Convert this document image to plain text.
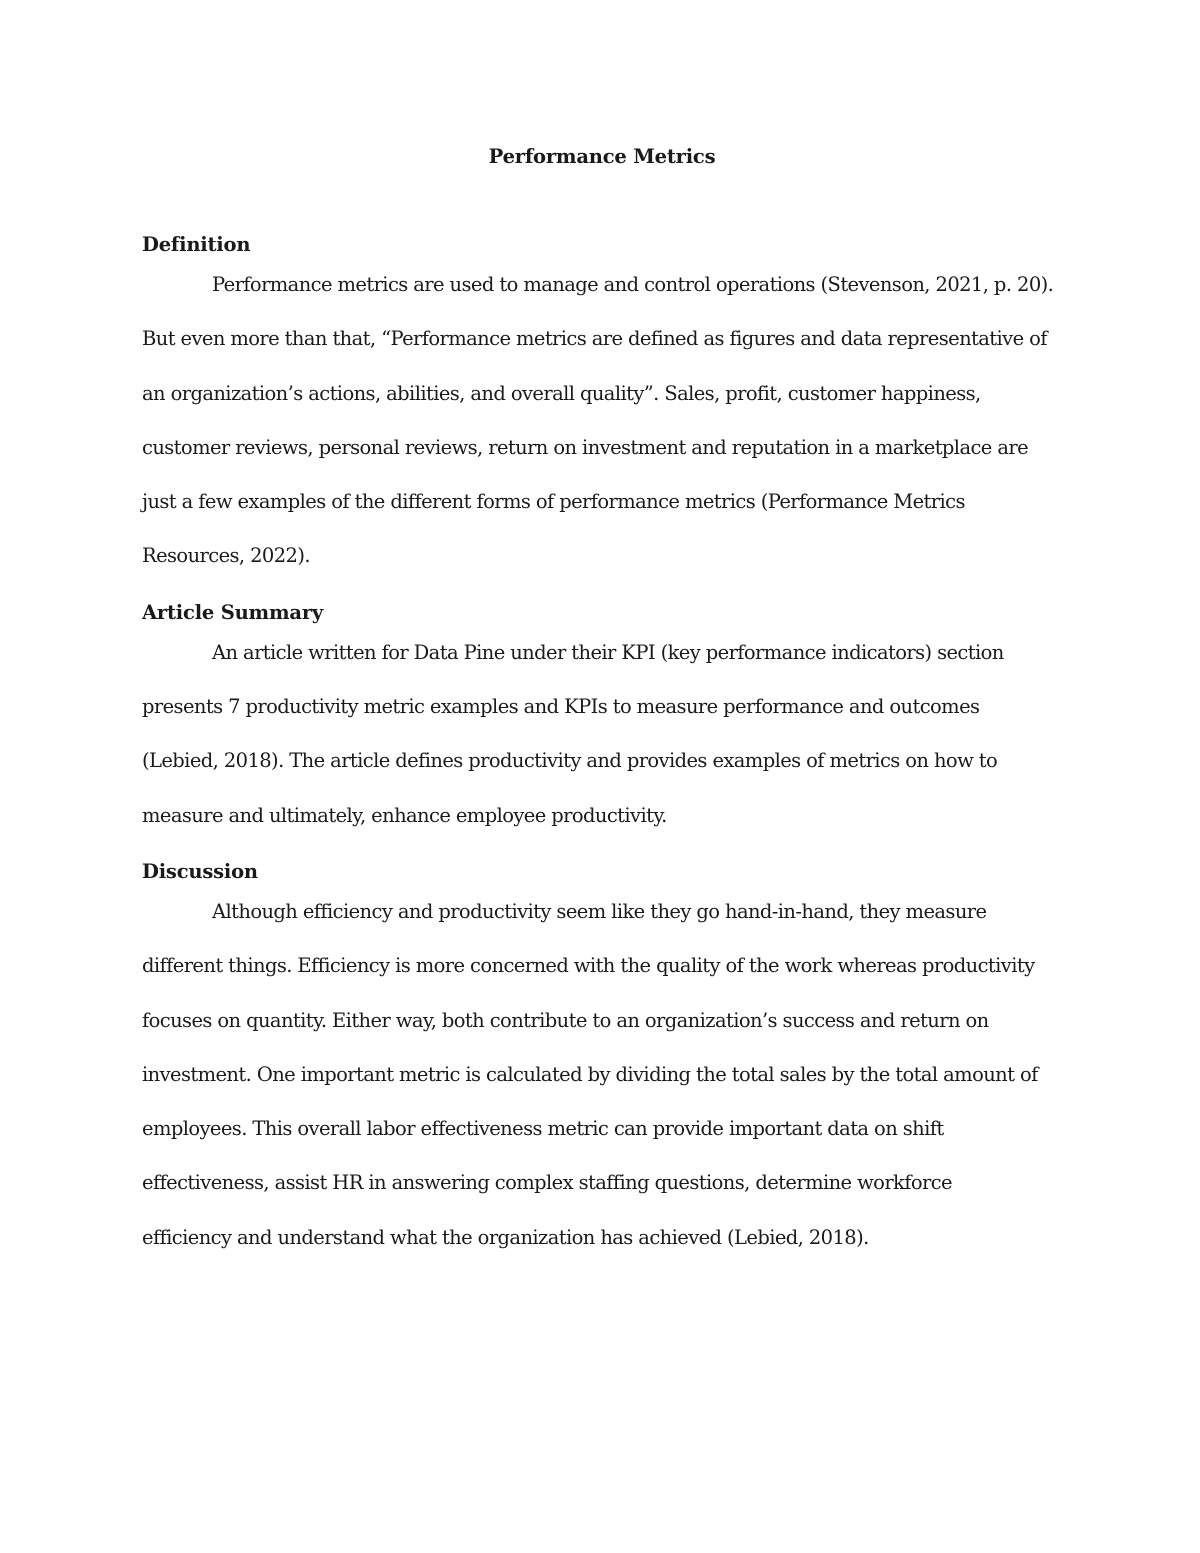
Performance Metrics
Definition

Performance metrics are used to manage and control operations (Stevenson, 2021, p. 20).
But even more than that, “Performance metrics are defined as figures and data representative of
an organization’s actions, abilities, and overall quality”. Sales, profit, customer happiness,
customer reviews, personal reviews, return on investment and reputation in a marketplace are
just a few examples of the different forms of performance metrics (Performance Metrics
Resources, 2022).

Article Summary

An article written for Data Pine under their KPI (key performance indicators) section
presents 7 productivity metric examples and KPIs to measure performance and outcomes
(Lebied, 2018). The article defines productivity and provides examples of metrics on how to
measure and ultimately, enhance employee productivity.

Discussion

Although efficiency and productivity seem like they go hand-in-hand, they measure
different things. Efficiency is more concerned with the quality of the work whereas productivity
focuses on quantity. Either way, both contribute to an organization’s success and return on
investment. One important metric is calculated by dividing the total sales by the total amount of
employees. This overall labor effectiveness metric can provide important data on shift
effectiveness, assist HR in answering complex staffing questions, determine workforce
efficiency and understand what the organization has achieved (Lebied, 2018).
